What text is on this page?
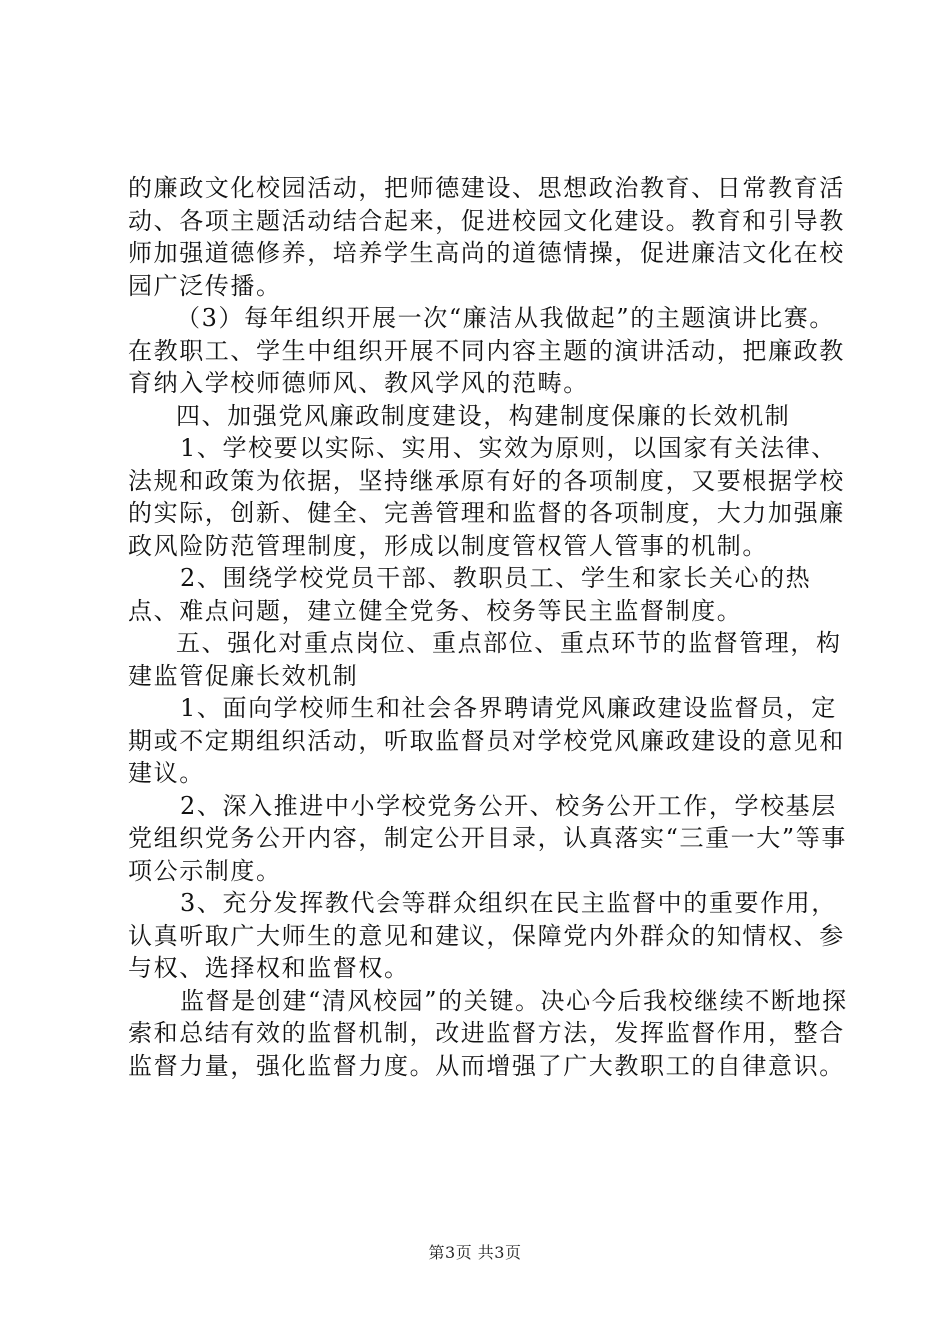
的廉政文化校园活动，把师德建设、思想政治教育、日常教育活动、各项主题活动结合起来，促进校园文化建设。教育和引导教师加强道德修养，培养学生高尚的道德情操，促进廉洁文化在校园广泛传播。

（3）每年组织开展一次“廉洁从我做起”的主题演讲比赛。在教职工、学生中组织开展不同内容主题的演讲活动，把廉政教育纳入学校师德师风、教风学风的范畴。

四、加强党风廉政制度建设，构建制度保廉的长效机制

1、学校要以实际、实用、实效为原则，以国家有关法律、法规和政策为依据，坚持继承原有好的各项制度，又要根据学校的实际，创新、健全、完善管理和监督的各项制度，大力加强廉政风险防范管理制度，形成以制度管权管人管事的机制。

2、围绕学校党员干部、教职员工、学生和家长关心的热点、难点问题，建立健全党务、校务等民主监督制度。

五、强化对重点岗位、重点部位、重点环节的监督管理，构建监管促廉长效机制

1、面向学校师生和社会各界聘请党风廉政建设监督员，定期或不定期组织活动，听取监督员对学校党风廉政建设的意见和建议。

2、深入推进中小学校党务公开、校务公开工作，学校基层党组织党务公开内容，制定公开目录，认真落实“三重一大”等事项公示制度。

3、充分发挥教代会等群众组织在民主监督中的重要作用，认真听取广大师生的意见和建议，保障党内外群众的知情权、参与权、选择权和监督权。

监督是创建“清风校园”的关键。决心今后我校继续不断地探索和总结有效的监督机制，改进监督方法，发挥监督作用，整合监督力量，强化监督力度。从而增强了广大教职工的自律意识。

第3页 共3页
